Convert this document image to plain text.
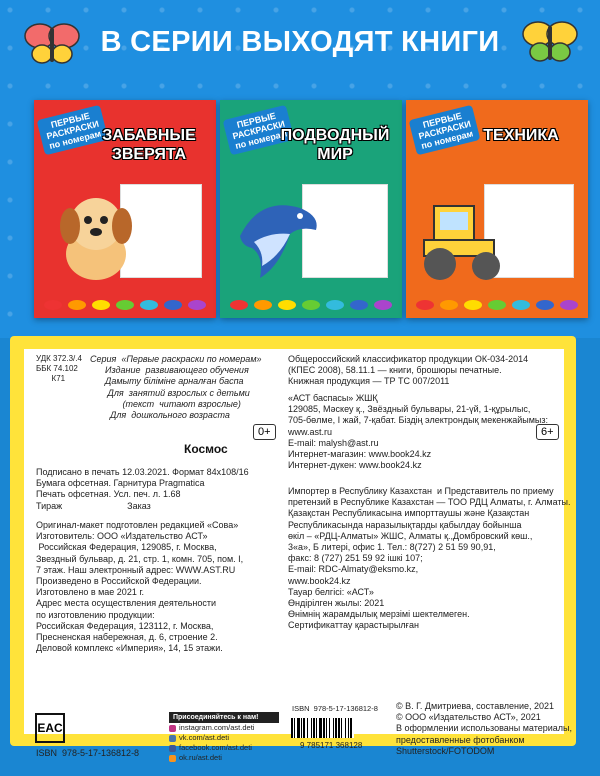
В СЕРИИ ВЫХОДЯТ КНИГИ
ПЕРВЫЕ
РАСКРАСКИ
по номерам ЗАБАВНЫЕ
ЗВЕРЯТА
ПЕРВЫЕ
РАСКРАСКИ
по номерам
ПОДВОДНЫЙ
МИР
ПЕРВЫЕ
РАСКРАСКИ
по номерам ТЕХНИКА
УДК 372.3/.4
ББК 74.102
К71
Серия  «Первые раскраски по номерам»
Издание  развивающего обучения
Дамыту біліміне арналған баспа
Для  занятий взрослых с детьми
(текст  читают взрослые)
Для  дошкольного возраста
0+
Космос
Подписано в печать 12.03.2021. Формат 84х108/16
Бумага офсетная. Гарнитура Pragmatica
Печать офсетная. Усл. печ. л. 1.68
Тираж                          Заказ
Оригинал-макет подготовлен редакцией «Сова»
Изготовитель: ООО «Издательство АСТ»
Российская Федерация, 129085, г. Москва,
Звездный бульвар, д. 21, стр. 1, комн. 705, пом. I,
7 этаж. Наш электронный адрес: WWW.AST.RU
Произведено в Российской Федерации.
Изготовлено в мае 2021 г.
Адрес места осуществления деятельности
по изготовлению продукции:
Российская Федерация, 123112, г. Москва,
Пресненская набережная, д. 6, строение 2.
Деловой комплекс «Империя», 14, 15 этажи.
EAC
ISBN  978-5-17-136812-8
Присоединяйтесь к нам!
instagram.com/ast.deti
vk.com/ast.deti
facebook.com/ast.deti
ok.ru/ast.deti
Общероссийский классификатор продукции ОК-034-2014
(КПЕС 2008), 58.11.1 — книги, брошюры печатные.
Книжная продукция — ТР ТС 007/2011
«АСТ баспасы» ЖШҚ
129085, Мәскеу қ., Звёздный бульвары, 21-үй, 1-құрылыс,
705-бөлме, I жай, 7-қабат. Біздің электрондық мекенжайымыз:
www.ast.ru
E-mail: malysh@ast.ru
Интернет-магазин: www.book24.kz
Интернет-дүкен: www.book24.kz
6+
Импортер в Республику Казахстан  и Представитель по приему
претензий в Республике Казахстан — ТОО РДЦ Алматы, г. Алматы.
Қазақстан Республикасына импорттаушы және Қазақстан
Республикасында наразылықтарды қабылдау бойынша
өкіл – «РДЦ-Алматы» ЖШС, Алматы қ.,Домбровский көш.,
3«а», Б литері, офис 1. Тел.: 8(727) 2 51 59 90,91,
факс: 8 (727) 251 59 92 ішкі 107;
E-mail: RDC-Almaty@eksmo.kz,
www.book24.kz
Тауар белгісі: «АСТ»
Өндірілген жылы: 2021
Өнімнің жарамдылық мерзімі шектелмеген.
Сертификаттау қарастырылған
ISBN  978-5-17-136812-8
9 785171 368128
© В. Г. Дмитриева, составление, 2021
© ООО «Издательство АСТ», 2021
В оформлении использованы материалы,
предоставленные фотобанком
Shutterstock/FOTODOM
